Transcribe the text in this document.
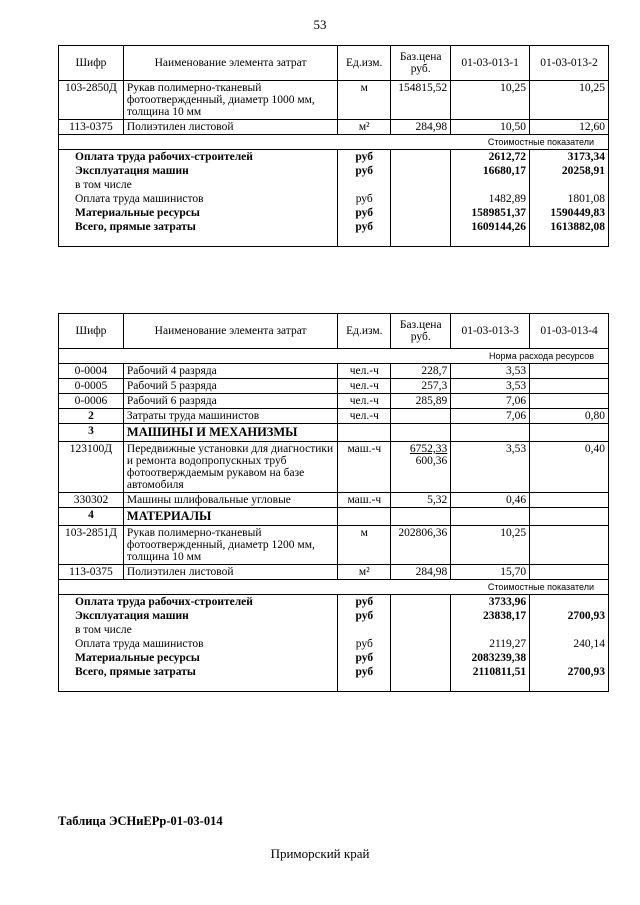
53
Шифр	Наименование элемента затрат	Ед.изм.	Баз.цена руб.	01-03-013-1	01-03-013-2
103-2850Д	Рукав полимерно-тканевый фотоотвержденный, диаметр 1000 мм, толщина 10 мм	м	154815,52	10,25	10,25
113-0375	Полиэтилен листовой	м²	284,98	10,50	12,60
Стоимостные показатели					
Оплата труда рабочих-строителей		руб		2612,72	3173,34
Эксплуатация машин		руб		16680,17	20258,91
в том числе					
Оплата труда машинистов		руб		1482,89	1801,08
Материальные ресурсы		руб		1589851,37	1590449,83
Всего, прямые затраты		руб		1609144,26	1613882,08
Шифр	Наименование элемента затрат	Ед.изм.	Баз.цена руб.	01-03-013-3	01-03-013-4
Норма расхода ресурсов					
0-0004	Рабочий 4 разряда	чел.-ч	228,7	3,53	
0-0005	Рабочий 5 разряда	чел.-ч	257,3	3,53	
0-0006	Рабочий 6 разряда	чел.-ч	285,89	7,06	
2	Затраты труда машинистов	чел.-ч		7,06	0,80
3	МАШИНЫ И МЕХАНИЗМЫ				
123100Д	Передвижные установки для диагностики и ремонта водопропускных труб фотоотверждаемым рукавом на базе автомобиля	маш.-ч	6752,33
600,36	3,53	0,40
330302	Машины шлифовальные угловые	маш.-ч	5,32	0,46	
4	МАТЕРИАЛЫ				
103-2851Д	Рукав полимерно-тканевый фотоотвержденный, диаметр 1200 мм, толщина 10 мм	м	202806,36	10,25	
113-0375	Полиэтилен листовой	м²	284,98	15,70	
Стоимостные показатели					
Оплата труда рабочих-строителей		руб		3733,96	
Эксплуатация машин		руб		23838,17	2700,93
в том числе					
Оплата труда машинистов		руб		2119,27	240,14
Материальные ресурсы		руб		2083239,38	
Всего, прямые затраты		руб		2110811,51	2700,93
Таблица ЭСНиЕРр-01-03-014
Приморский край
